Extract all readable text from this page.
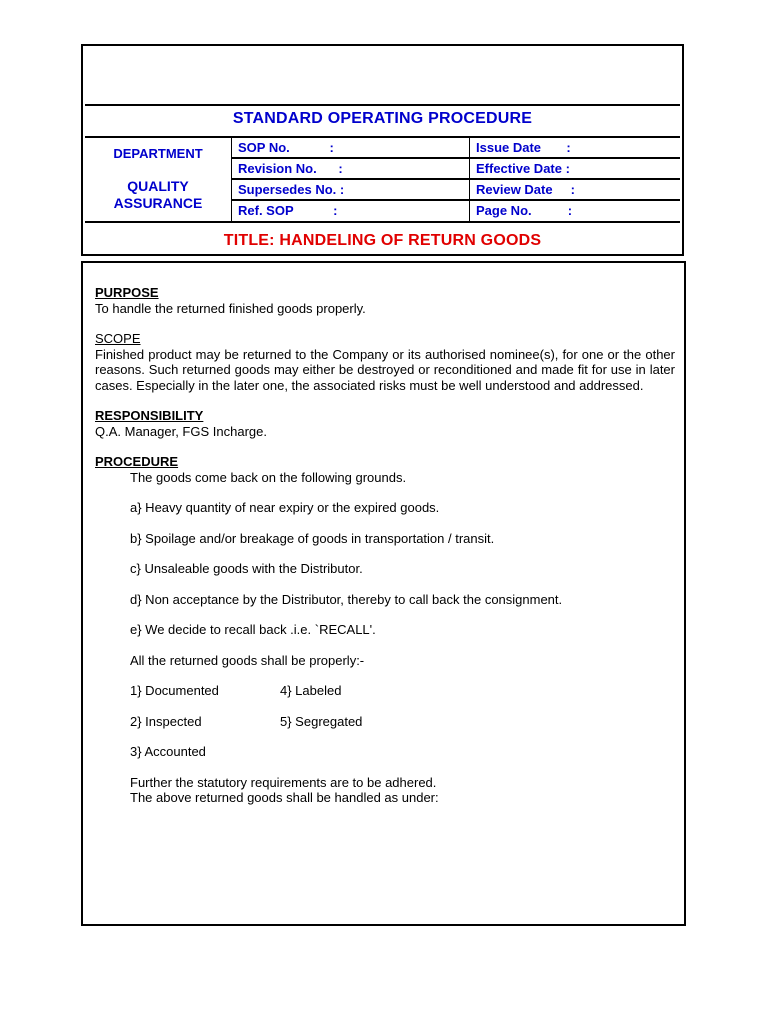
STANDARD OPERATING PROCEDURE
DEPARTMENT
QUALITY ASSURANCE
SOP No.           :
Revision No.      :
Supersedes No. :
Ref. SOP           :
Issue Date       :
Effective Date :
Review Date     :
Page No.          :
TITLE: HANDELING OF RETURN GOODS

PURPOSE

To handle the returned finished goods properly.

SCOPE

Finished product may be returned to the Company or its authorised nominee(s), for one or the other reasons. Such returned goods may either be destroyed or reconditioned and made fit for use in later cases. Especially in the later one, the associated risks must be well understood and addressed.

RESPONSIBILITY

Q.A. Manager, FGS Incharge.

PROCEDURE

The goods come back on the following grounds.

a} Heavy quantity of near expiry or the expired goods.

b} Spoilage and/or breakage of goods in transportation / transit.

c} Unsaleable goods with the Distributor.

d} Non acceptance by the Distributor, thereby to call back the consignment.

e} We decide to recall back .i.e. `RECALL'.

All the returned goods shall be properly:-

1} Documented	4} Labeled
2} Inspected	5} Segregated
3} Accounted

Further the statutory requirements are to be adhered.

The above returned goods shall be handled as under:
